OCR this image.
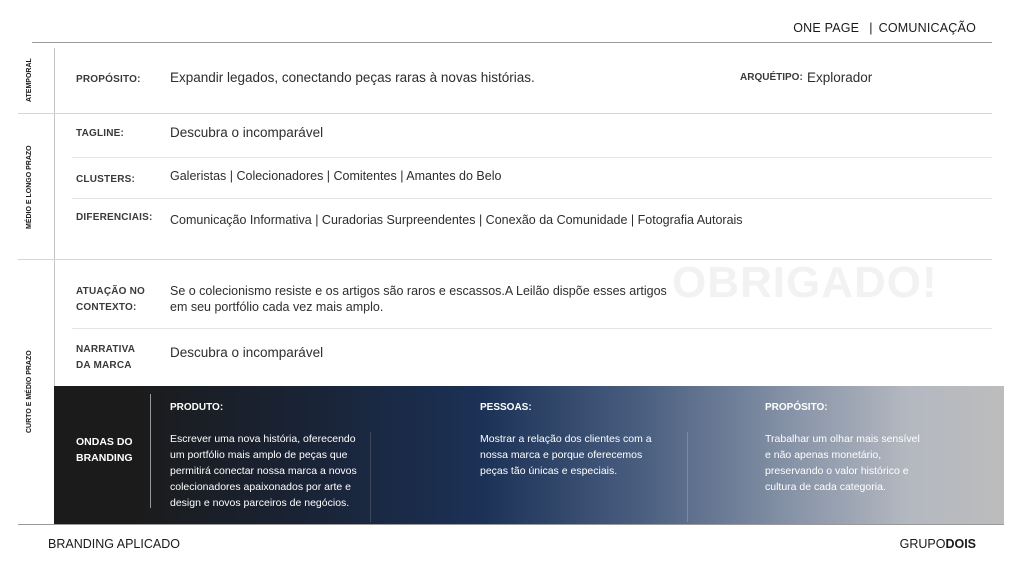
ONE PAGE | COMUNICAÇÃO
ATEMPORAL
MÉDIO E LONGO PRAZO
CURTO E MÉDIO PRAZO
PROPÓSITO: Expandir legados, conectando peças raras à novas histórias.	ARQUÉTIPO: Explorador
TAGLINE:	Descubra o incomparável
CLUSTERS:	Galeristas | Colecionadores | Comitentes | Amantes do Belo
DIFERENCIAIS: Comunicação Informativa | Curadorias Surpreendentes | Conexão da Comunidade | Fotografia Autorais
OBRIGADO!
ATUAÇÃO NO
CONTEXTO:
Se o colecionismo resiste e os artigos são raros e escassos.A Leilão dispõe esses artigos
em seu portfólio cada vez mais amplo.
NARRATIVA
DA MARCA
Descubra o incomparável
ONDAS DO
BRANDING
PRODUTO:
Escrever uma nova história, oferecendo
um portfólio mais amplo de peças que
permitirá conectar nossa marca a novos
colecionadores apaixonados por arte e
design e novos parceiros de negócios.
PESSOAS:
Mostrar a relação dos clientes com a
nossa marca e porque oferecemos
peças tão únicas e especiais.
PROPÓSITO:
Trabalhar um olhar mais sensível
e não apenas monetário,
preservando o valor histórico e
cultura de cada categoria.
BRANDING APLICADO	GRUPODOIS
